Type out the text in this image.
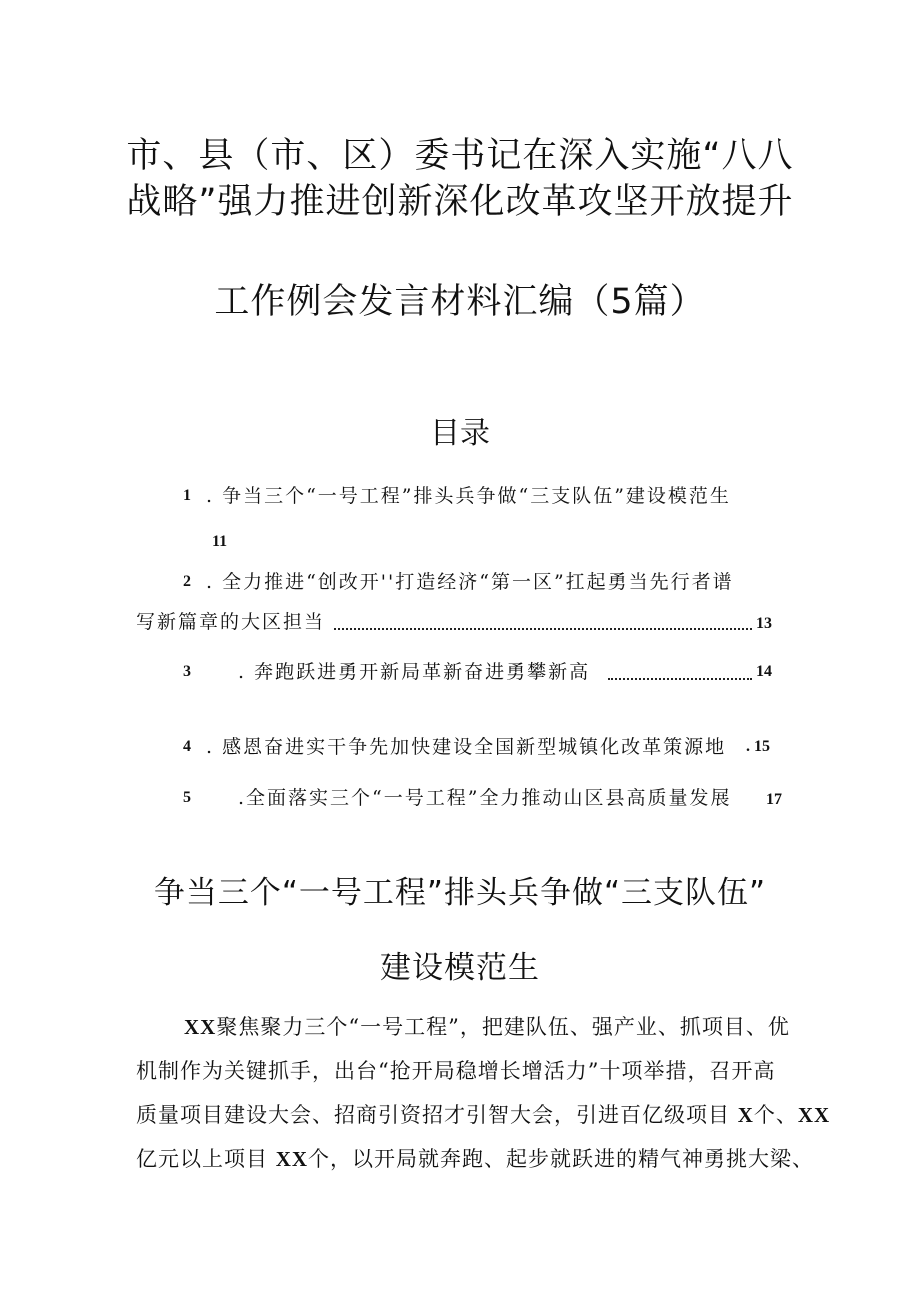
市、县（市、区）委书记在深入实施“八八
战略”强力推进创新深化改革攻坚开放提升
工作例会发言材料汇编（5篇）
目录
1 . 争当三个“一号工程”排头兵争做“三支队伍”建设模范生
11
2 . 全力推进“创改开''打造经济“第一区”扛起勇当先行者谱
写新篇章的大区担当	13
3 . 奔跑跃进勇开新局革新奋进勇攀新高	14
4 . 感恩奋进实干争先加快建设全国新型城镇化改革策源地 . 15
5 .全面落实三个“一号工程”全力推动山区县高质量发展 17
争当三个“一号工程”排头兵争做“三支队伍”
建设模范生
XX聚焦聚力三个“一号工程”，把建队伍、强产业、抓项目、优
机制作为关键抓手，出台“抢开局稳增长增活力”十项举措，召开高
质量项目建设大会、招商引资招才引智大会，引进百亿级项目 X个、XX
亿元以上项目 XX个，以开局就奔跑、起步就跃进的精气神勇挑大梁、
